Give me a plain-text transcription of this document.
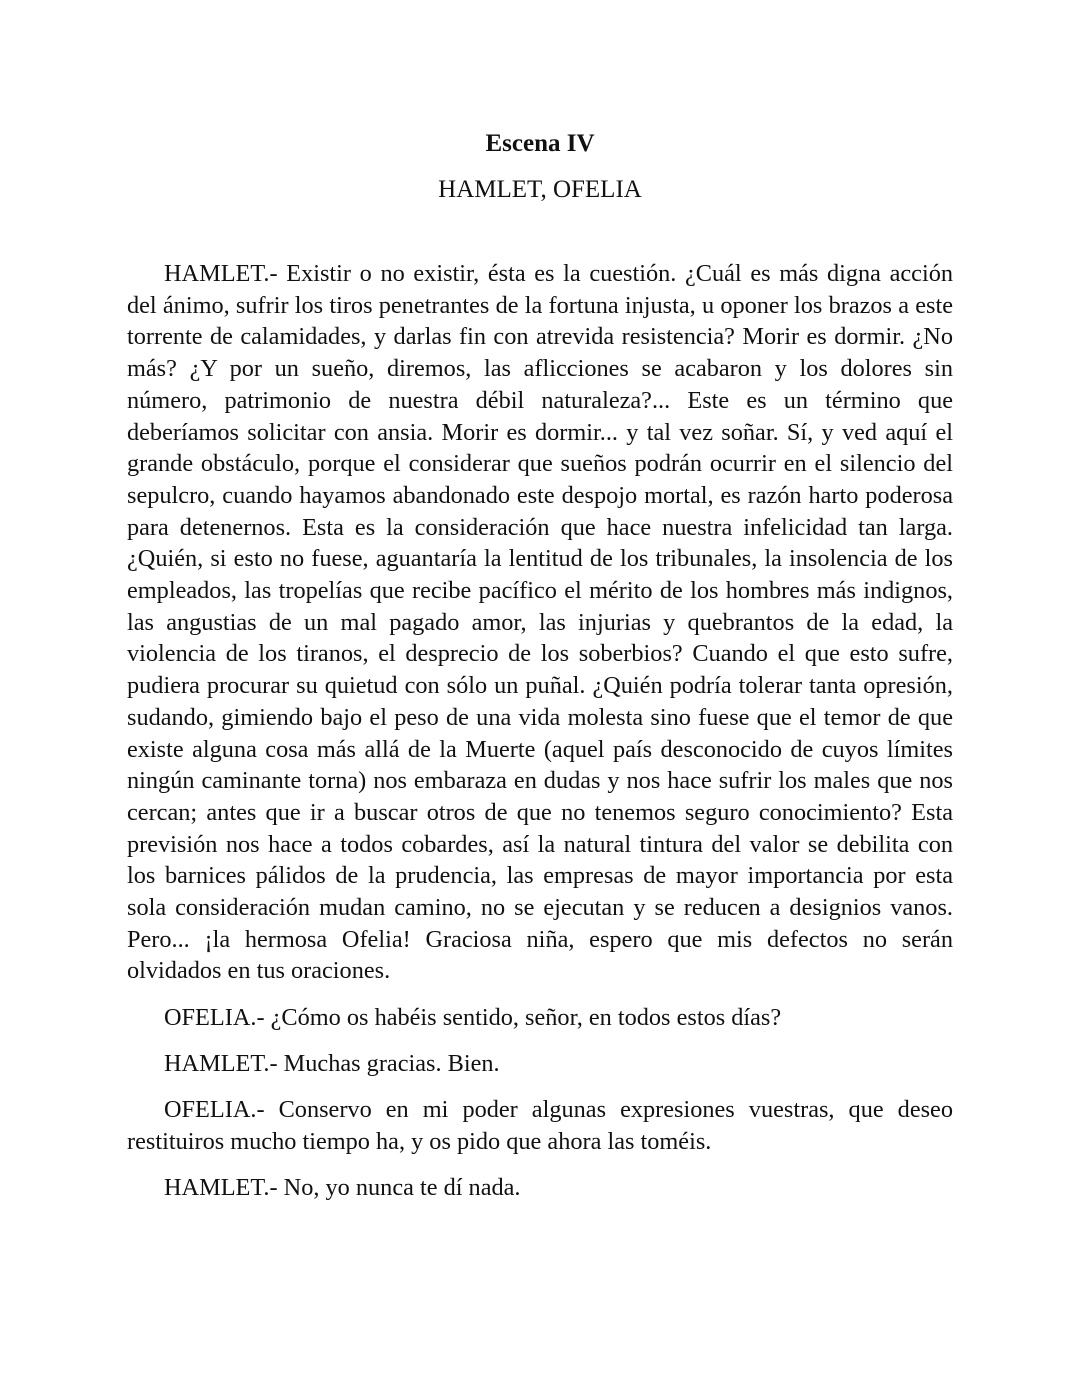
Escena IV

HAMLET, OFELIA

HAMLET.- Existir o no existir, ésta es la cuestión. ¿Cuál es más digna acción del ánimo, sufrir los tiros penetrantes de la fortuna injusta, u oponer los brazos a este torrente de calamidades, y darlas fin con atrevida resistencia? Morir es dormir. ¿No más? ¿Y por un sueño, diremos, las aflicciones se acabaron y los dolores sin número, patrimonio de nuestra débil naturaleza?... Este es un término que deberíamos solicitar con ansia. Morir es dormir... y tal vez soñar. Sí, y ved aquí el grande obstáculo, porque el considerar que sueños podrán ocurrir en el silencio del sepulcro, cuando hayamos abandonado este despojo mortal, es razón harto poderosa para detenernos. Esta es la consideración que hace nuestra infelicidad tan larga. ¿Quién, si esto no fuese, aguantaría la lentitud de los tribunales, la insolencia de los empleados, las tropelías que recibe pacífico el mérito de los hombres más indignos, las angustias de un mal pagado amor, las injurias y quebrantos de la edad, la violencia de los tiranos, el desprecio de los soberbios? Cuando el que esto sufre, pudiera procurar su quietud con sólo un puñal. ¿Quién podría tolerar tanta opresión, sudando, gimiendo bajo el peso de una vida molesta sino fuese que el temor de que existe alguna cosa más allá de la Muerte (aquel país desconocido de cuyos límites ningún caminante torna) nos embaraza en dudas y nos hace sufrir los males que nos cercan; antes que ir a buscar otros de que no tenemos seguro conocimiento? Esta previsión nos hace a todos cobardes, así la natural tintura del valor se debilita con los barnices pálidos de la prudencia, las empresas de mayor importancia por esta sola consideración mudan camino, no se ejecutan y se reducen a designios vanos. Pero... ¡la hermosa Ofelia! Graciosa niña, espero que mis defectos no serán olvidados en tus oraciones.

OFELIA.- ¿Cómo os habéis sentido, señor, en todos estos días?

HAMLET.- Muchas gracias. Bien.

OFELIA.- Conservo en mi poder algunas expresiones vuestras, que deseo restituiros mucho tiempo ha, y os pido que ahora las toméis.

HAMLET.- No, yo nunca te dí nada.
